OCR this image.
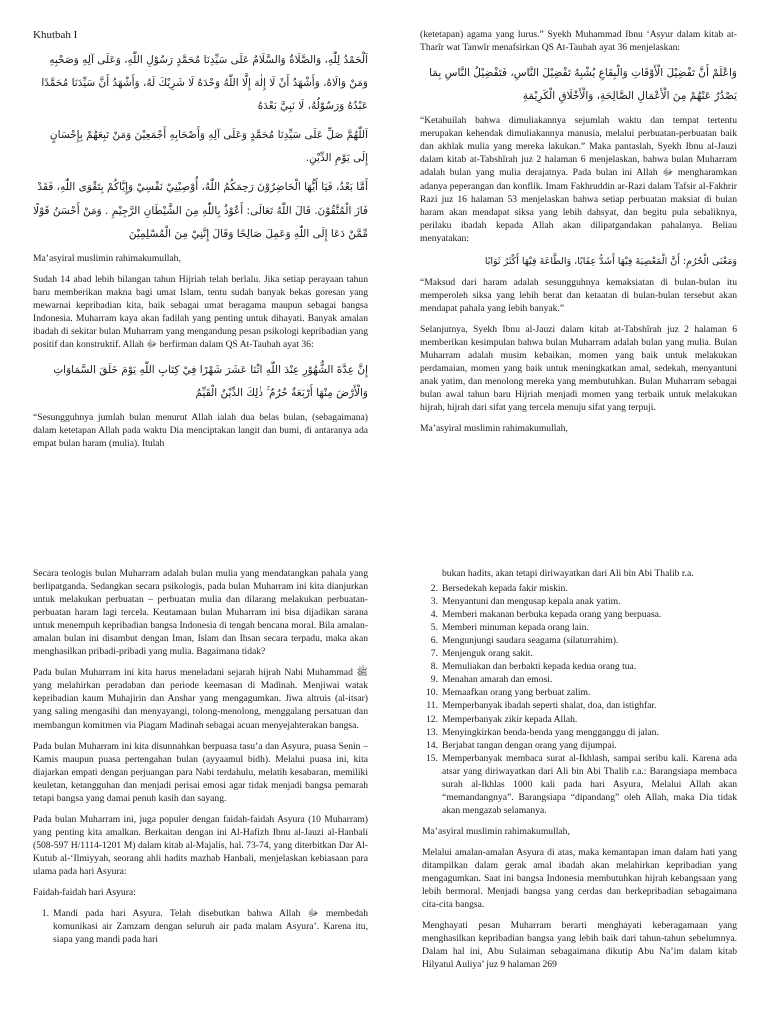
Khutbah I
اَلْحَمْدُ لِلّٰهِ، وَالصَّلَاةُ وَالسَّلَامُ عَلَى سَيِّدِنَا مُحَمَّدٍ رَسُوْلِ اللّٰهِ، وَعَلَى آلِهِ وَصَحْبِهِ وَمَنْ وَالَاهُ، وَأَشْهَدُ أَنْ لَا إِلٰهَ إِلَّا اللّٰهُ وَحْدَهُ لَا شَرِيْكَ لَهُ، وَأَشْهَدُ أَنَّ سَيِّدَنَا مُحَمَّدًا عَبْدُهُ وَرَسُوْلُهُ، لَا نَبِيَّ بَعْدَهُ
اَللّٰهُمَّ صَلِّ عَلَى سَيِّدِنَا مُحَمَّدٍ وَعَلَى آلِهِ وَأَصْحَابِهِ أَجْمَعِيْنَ وَمَنْ تَبِعَهُمْ بِإِحْسَانٍ إِلَى يَوْمِ الدِّيْنِ.
أَمَّا بَعْدُ، فَيَا أَيُّهَا الْحَاضِرُوْنَ رَحِمَكُمُ اللّٰهُ، أُوْصِيْنِيْ نَفْسِيْ وَإِيَّاكُمْ بِتَقْوَى اللّٰهِ، فَقَدْ فَازَ الْمُتَّقُوْنَ. قَالَ اللّٰهُ تَعَالَى: أَعُوْذُ بِاللّٰهِ مِنَ الشَّيْطَانِ الرَّجِيْمِ . وَمَنْ أَحْسَنُ قَوْلًا مِّمَّنْ دَعَا إِلَى اللّٰهِ وَعَمِلَ صَالِحًا وَقَالَ إِنَّنِيْ مِنَ الْمُسْلِمِيْنَ

Ma’asyiral muslimin rahimakumullah,

Sudah 14 abad lebih bilangan tahun Hijriah telah berlalu. Jika setiap perayaan tahun baru memberikan makna bagi umat Islam, tentu sudah banyak bekas goresan yang mewarnai kepribadian kita, baik sebagai umat beragama maupun sebagai bangsa Indonesia. Muharram kaya akan fadilah yang penting untuk dihayati. Banyak amalan ibadah di sekitar bulan Muharram yang mengandung pesan psikologi kepribadian yang positif dan konstruktif. Allah ﷻ berfirman dalam QS At-Taubah ayat 36:

إِنَّ عِدَّةَ الشُّهُوْرِ عِنْدَ اللّٰهِ اثْنَا عَشَرَ شَهْرًا فِيْ كِتَابِ اللّٰهِ يَوْمَ خَلَقَ السَّمَاوَاتِ وَالْأَرْضَ مِنْهَا أَرْبَعَةٌ حُرُمٌ ۚ ذٰلِكَ الدِّيْنُ الْقَيِّمُ

“Sesungguhnya jumlah bulan menurut Allah ialah dua belas bulan, (sebagaimana) dalam ketetapan Allah pada waktu Dia menciptakan langit dan bumi, di antaranya ada empat bulan haram (mulia). Itulah

(ketetapan) agama yang lurus.” Syekh Muhammad Ibnu ‘Asyur dalam kitab at-Tharîr wat Tanwîr menafsirkan QS At-Taubah ayat 36 menjelaskan:

وَاعْلَمْ أَنَّ تَفْضِيْلَ الْأَوْقَاتِ وَالْبِقَاعِ يُشْبِهُ تَفْضِيْلَ النَّاسِ، فَتَفْضِيْلُ النَّاسِ بِمَا يَصْدُرُ عَنْهُمْ مِنَ الْأَعْمَالِ الصَّالِحَةِ، وَالْأَخْلَاقِ الْكَرِيْمَةِ

“Ketahuilah bahwa dimuliakannya sejumlah waktu dan tempat tertentu merupakan kehendak dimuliakannya manusia, melalui perbuatan-perbuatan baik dan akhlak mulia yang mereka lakukan.” Maka pantaslah, Syekh Ibnu al-Jauzi dalam kitab at-Tabshîrah juz 2 halaman 6 menjelaskan, bahwa bulan Muharram adalah bulan yang mulia derajatnya. Pada bulan ini Allah ﷻ mengharamkan adanya peperangan dan konflik. Imam Fakhruddin ar-Razi dalam Tafsir al-Fakhrir Razi juz 16 halaman 53 menjelaskan bahwa setiap perbuatan maksiat di bulan haram akan mendapat siksa yang lebih dahsyat, dan begitu pula sebaliknya, perilaku ibadah kepada Allah akan dilipatgandakan pahalanya. Beliau menyatakan:

وَمَعْنَى الْحُرُمِ: أَنَّ الْمَعْصِيَةَ فِيْهَا أَشَدُّ عِقَابًا، وَالطَّاعَةَ فِيْهَا أَكْثَرُ ثَوَابًا

“Maksud dari haram adalah sesungguhnya kemaksiatan di bulan-bulan itu memperoleh siksa yang lebih berat dan ketaatan di bulan-bulan tersebut akan mendapat pahala yang lebih banyak.”

Selanjutnya, Syekh Ibnu al-Jauzi dalam kitab at-Tabshîrah juz 2 halaman 6 memberikan kesimpulan bahwa bulan Muharram adalah bulan yang mulia. Bulan Muharram adalah musim kebaikan, momen yang baik untuk melakukan perdamaian, momen yang baik untuk meningkatkan amal, sedekah, menyantuni anak yatim, dan menolong mereka yang membutuhkan. Bulan Muharram sebagai bulan awal tahun baru Hijriah menjadi momen yang terbaik untuk melakukan hijrah, hijrah dari sifat yang tercela menuju sifat yang terpuji.

Ma’asyiral muslimin rahimakumullah,

Secara teologis bulan Muharram adalah bulan mulia yang mendatangkan pahala yang berlipatganda. Sedangkan secara psikologis, pada bulan Muharram ini kita dianjurkan untuk melakukan perbuatan – perbuatan mulia dan dilarang melakukan perbuatan-perbuatan haram lagi tercela. Keutamaan bulan Muharram ini bisa dijadikan sarana untuk menempuh kepribadian bangsa Indonesia di tengah bencana moral. Bila amalan-amalan bulan ini disambut dengan Iman, Islam dan Ihsan secara terpadu, maka akan menghasilkan pribadi-pribadi yang mulia. Bagaimana tidak?

Pada bulan Muharram ini kita harus meneladani sejarah hijrah Nabi Muhammad ﷺ yang melahirkan peradaban dan periode keemasan di Madinah. Menjiwai watak kepribadian kaum Muhajirin dan Anshar yang mengagumkan. Jiwa altruis (al-itsar) yang saling mengasihi dan menyayangi, tolong-menolong, menggalang persatuan dan membangun komitmen via Piagam Madinah sebagai acuan menyejahterakan bangsa.

Pada bulan Muharram ini kita disunnahkan berpuasa tasu’a dan Asyura, puasa Senin – Kamis maupun puasa pertengahan bulan (ayyaamul bidh). Melalui puasa ini, kita diajarkan empati dengan perjuangan para Nabi terdahulu, melatih kesabaran, memiliki keuletan, ketangguhan dan menjadi perisai emosi agar tidak menjadi bangsa pemarah tetapi bangsa yang damai penuh kasih dan sayang.

Pada bulan Muharram ini, juga populer dengan faidah-faidah Asyura (10 Muharram) yang penting kita amalkan. Berkaitan dengan ini Al-Hafizh Ibnu al-Jauzi al-Hanbali (508-597 H/1114-1201 M) dalam kitab al-Majalis, hal. 73-74, yang diterbitkan Dar Al-Kutub al-‘Ilmiyyah, seorang ahli hadits mazhab Hanbali, menjelaskan kebiasaan para ulama pada hari Asyura:

Faidah-faidah hari Asyura:

1. Mandi pada hari Asyura. Telah disebutkan bahwa Allah ﷻ membedah komunikasi air Zamzam dengan seluruh air pada malam Asyura’. Karena itu, siapa yang mandi pada hari
bukan hadits, akan tetapi diriwayatkan dari Ali bin Abi Thalib r.a.
2. Bersedekah kepada fakir miskin.
3. Menyantuni dan mengusap kepala anak yatim.
4. Memberi makanan berbuka kepada orang yang berpuasa.
5. Memberi minuman kepada orang lain.
6. Mengunjungi saudara seagama (silaturrahim).
7. Menjenguk orang sakit.
8. Memuliakan dan berbakti kepada kedua orang tua.
9. Menahan amarah dan emosi.
10. Memaafkan orang yang berbuat zalim.
11. Memperbanyak ibadah seperti shalat, doa, dan istighfar.
12. Memperbanyak zikir kepada Allah.
13. Menyingkirkan benda-benda yang mengganggu di jalan.
14. Berjabat tangan dengan orang yang dijumpai.
15. Memperbanyak membaca surat al-Ikhlash, sampai seribu kali. Karena ada atsar yang diriwayatkan dari Ali bin Abi Thalib r.a.: Barangsiapa membaca surah al-Ikhlas 1000 kali pada hari Asyura, Melalui Allah akan “memandangnya”. Barangsiapa “dipandang” oleh Allah, maka Dia tidak akan mengazab selamanya.

Ma’asyiral muslimin rahimakumullah,

Melalui amalan-amalan Asyura di atas, maka kemantapan iman dalam hati yang ditampilkan dalam gerak amal ibadah akan melahirkan kepribadian yang mengagumkan. Saat ini bangsa Indonesia membutuhkan hijrah kebangsaan yang lebih bermoral. Menjadi bangsa yang cerdas dan berkepribadian sebagaimana cita-cita bangsa.

Menghayati pesan Muharram berarti menghayati keberagamaan yang menghasilkan kepribadian bangsa yang lebih baik dari tahun-tahun sebelumnya. Dalam hal ini, Abu Sulaiman sebagaimana dikutip Abu Na’im dalam kitab Hilyatul Auliya’ juz 9 halaman 269
